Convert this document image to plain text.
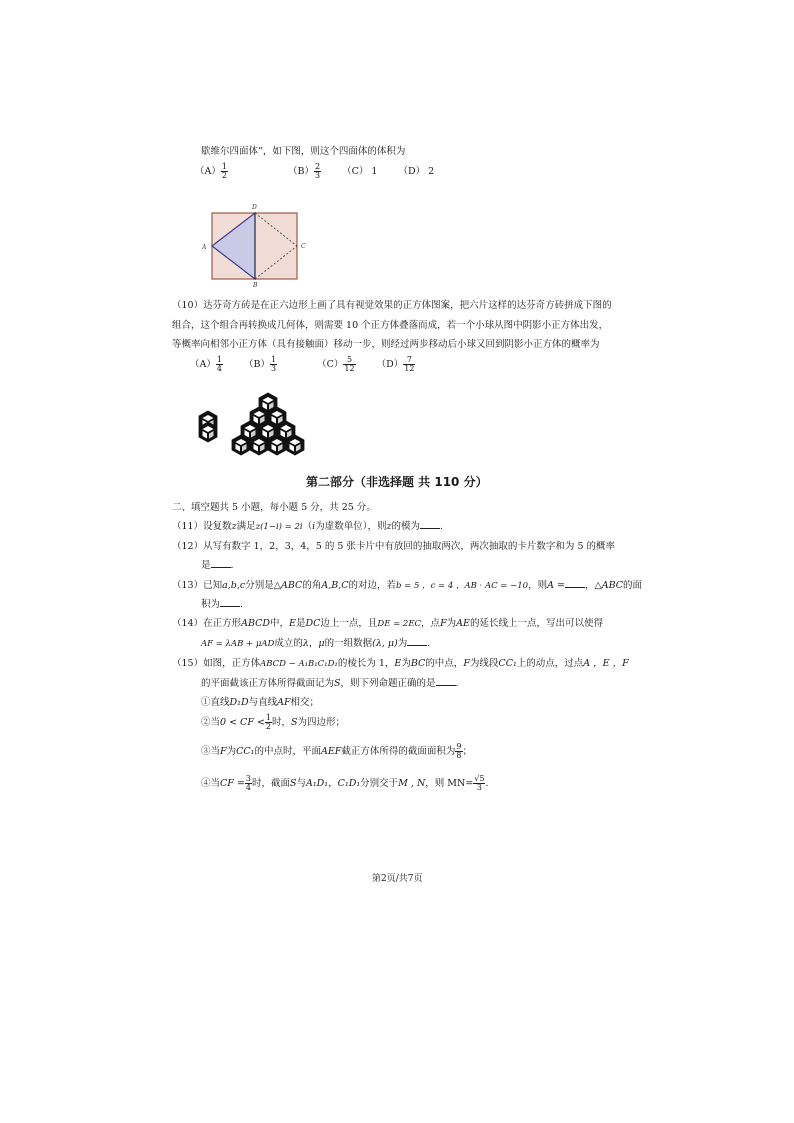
歇维尔四面体”，如下图，则这个四面体的体积为
$(A) \frac{1}{2}$	$(B) \frac{2}{3} (C)$ 1 （D） 2
D
A	C
B
（10）达芬奇方砖是在正六边形上画了具有视觉效果的正方体图案，把六片这样的达芬奇方砖拼成下图的
组合，这个组合再转换成几何体，则需要 10 个正方体叠落而成，若一个小球从图中阴影小正方体出发，
等概率向相邻小正方体（具有接触面）移动一步，则经过两步移动后小球又回到阴影小正方体的概率为
$(A) \frac{1}{4} (B) \frac{1}{3}$	$(C) \frac{5}{12} (D) \frac{7}{12}$
第二部分（非选择题 共 110 分）
二、填空题共 5 小题，每小题 5 分，共 25 分。
（11）设复数z满足z(1−i) = 2i（i为虚数单位），则z的模为 .
（12）从写有数字 1，2，3，4，5 的 5 张卡片中有放回的抽取两次，两次抽取的卡片数字和为 5 的概率
是 .
（13）已知a,b,c分别是△ABC的角A,B,C的对边，若b = 5 ，c = 4 ，AB · AC = −10，则A = ，△ABC的面
积为 .
（14）在正方形ABCD中，E是DC边上一点，且DE = 2EC，点F为AE的延长线上一点，写出可以使得
AF = λAB + μAD成立的λ，μ的一组数据(λ, μ)为 .
（15）如图，正方体ABCD − A₁B₁C₁D₁的棱长为 1，E为BC的中点，F为线段CC₁上的动点，过点A ，E ，F
的平面截该正方体所得截面记为S，则下列命题正确的是 .
①直线D₁D与直线AF相交；
②当0 < CF < $\frac{1}{2}$ 时，S为四边形；
③当F为CC₁的中点时，平面AEF截正方体所得的截面面积为 $\frac{9}{8}$ ；
④当CF = $\frac{3}{4}$ 时，截面S与A₁D₁，C₁D₁分别交于M , N，则 $MN= \frac{√5}{3}$ .
第2页/共7页
